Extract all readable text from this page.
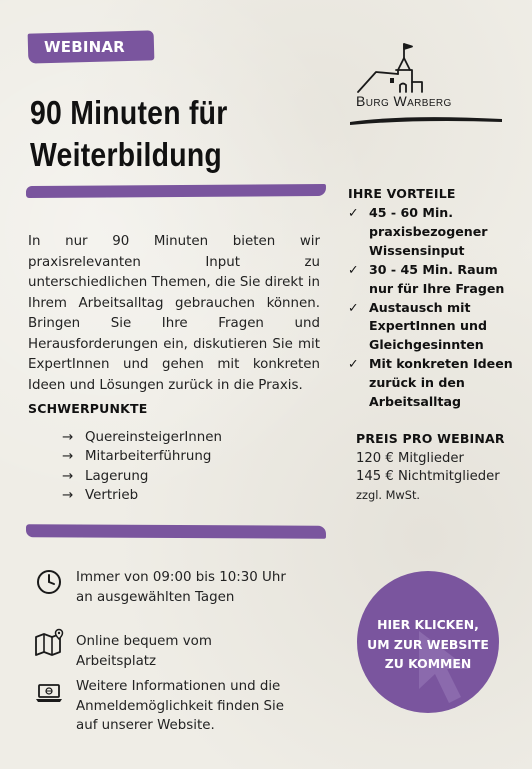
WEBINAR
90 Minuten für
Weiterbildung
Burg Warberg
In nur 90 Minuten bieten wir praxisrelevanten Input zu unterschiedlichen Themen, die Sie direkt in Ihrem Arbeitsalltag gebrauchen können. Bringen Sie Ihre Fragen und Herausforderungen ein, diskutieren Sie mit ExpertInnen und gehen mit konkreten Ideen und Lösungen zurück in die Praxis.
SCHWERPUNKTE
→ QuereinsteigerInnen
→ Mitarbeiterführung
→ Lagerung
→ Vertrieb
Immer von 09:00 bis 10:30 Uhr
an ausgewählten Tagen
Online bequem vom Arbeitsplatz
Weitere Informationen und die
Anmeldemöglichkeit finden Sie
auf unserer Website.
IHRE VORTEILE
✓ 45 - 60 Min.
praxisbezogener
Wissensinput
✓ 30 - 45 Min. Raum
nur für Ihre Fragen
✓ Austausch mit
ExpertInnen und
Gleichgesinnten
✓ Mit konkreten Ideen
zurück in den
Arbeitsalltag
PREIS PRO WEBINAR
120 € Mitglieder
145 € Nichtmitglieder
zzgl. MwSt.
HIER KLICKEN,
UM ZUR WEBSITE
ZU KOMMEN
